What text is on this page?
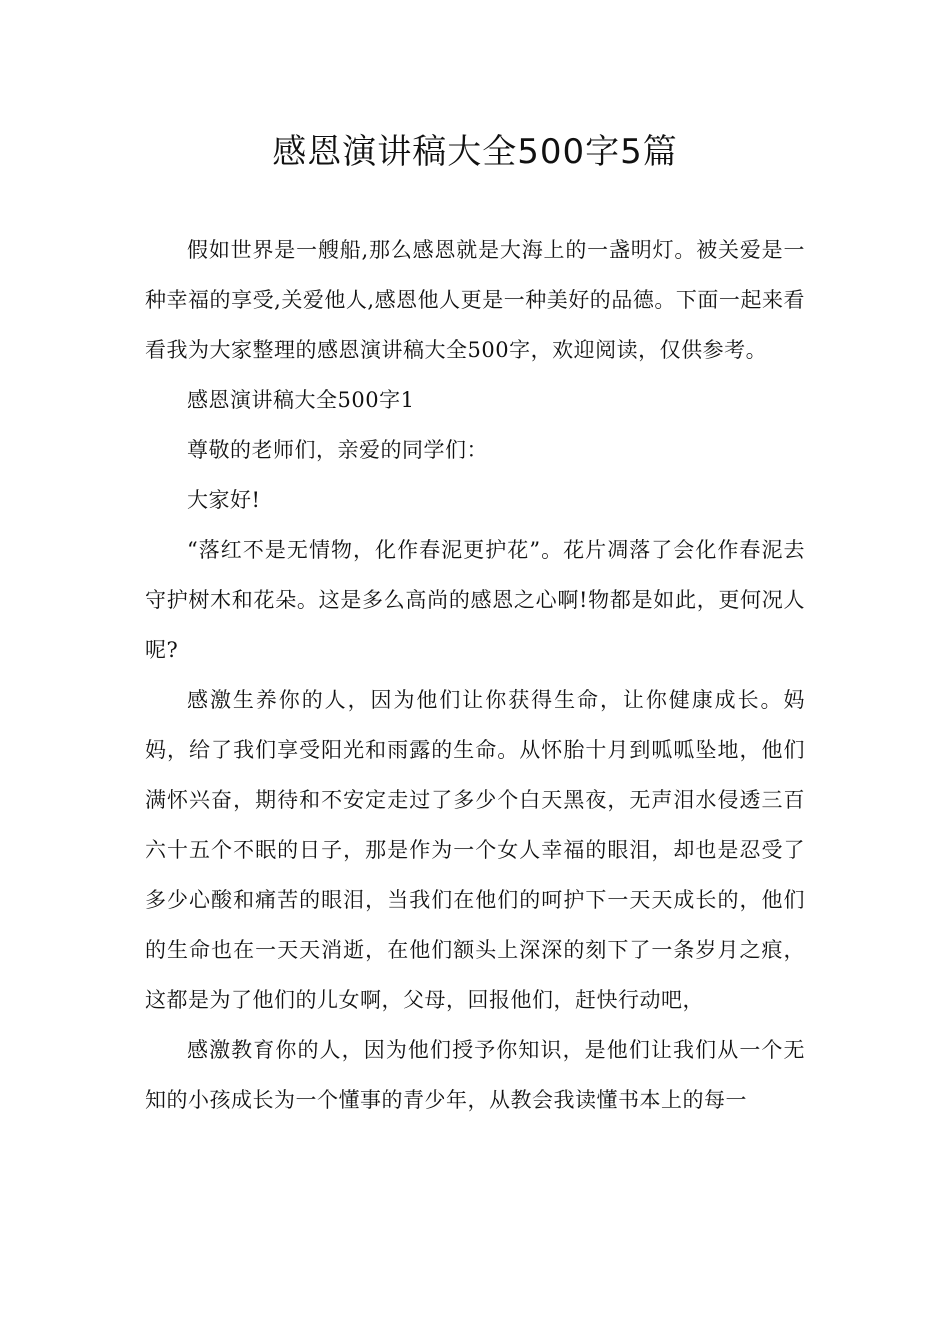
感恩演讲稿大全500字5篇

假如世界是一艘船,那么感恩就是大海上的一盏明灯。被关爱是一种幸福的享受,关爱他人,感恩他人更是一种美好的品德。下面一起来看看我为大家整理的感恩演讲稿大全500字，欢迎阅读，仅供参考。

感恩演讲稿大全500字1

尊敬的老师们，亲爱的同学们：

大家好!

“落红不是无情物，化作春泥更护花”。花片凋落了会化作春泥去守护树木和花朵。这是多么高尚的感恩之心啊!物都是如此，更何况人呢?

感激生养你的人，因为他们让你获得生命，让你健康成长。妈妈，给了我们享受阳光和雨露的生命。从怀胎十月到呱呱坠地，他们满怀兴奋，期待和不安定走过了多少个白天黑夜，无声泪水侵透三百六十五个不眠的日子，那是作为一个女人幸福的眼泪，却也是忍受了多少心酸和痛苦的眼泪，当我们在他们的呵护下一天天成长的，他们的生命也在一天天消逝，在他们额头上深深的刻下了一条岁月之痕，这都是为了他们的儿女啊，父母，回报他们，赶快行动吧，

感激教育你的人，因为他们授予你知识，是他们让我们从一个无知的小孩成长为一个懂事的青少年，从教会我读懂书本上的每一
